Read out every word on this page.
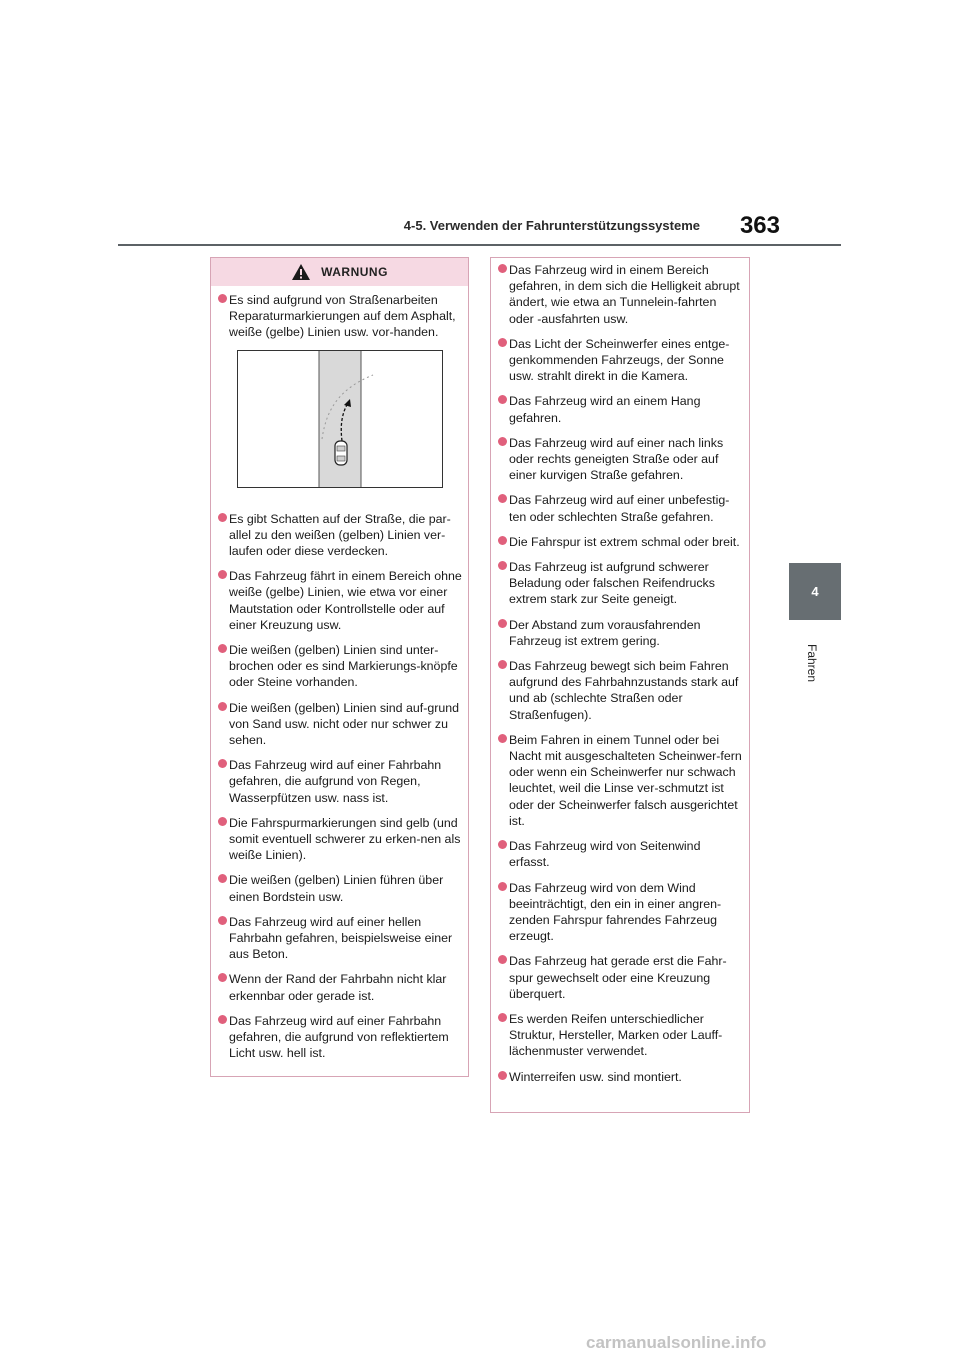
4-5. Verwenden der Fahrunterstützungssysteme	363
4
Fahren
WARNUNG
Es sind aufgrund von Straßenarbeiten Reparaturmarkierungen auf dem Asphalt, weiße (gelbe) Linien usw. vor-handen.
Es gibt Schatten auf der Straße, die par-allel zu den weißen (gelben) Linien ver-laufen oder diese verdecken.
Das Fahrzeug fährt in einem Bereich ohne weiße (gelbe) Linien, wie etwa vor einer Mautstation oder Kontrollstelle oder auf einer Kreuzung usw.
Die weißen (gelben) Linien sind unter-brochen oder es sind Markierungs-knöpfe oder Steine vorhanden.
Die weißen (gelben) Linien sind auf-grund von Sand usw. nicht oder nur schwer zu sehen.
Das Fahrzeug wird auf einer Fahrbahn gefahren, die aufgrund von Regen, Wasserpfützen usw. nass ist.
Die Fahrspurmarkierungen sind gelb (und somit eventuell schwerer zu erken-nen als weiße Linien).
Die weißen (gelben) Linien führen über einen Bordstein usw.
Das Fahrzeug wird auf einer hellen Fahrbahn gefahren, beispielsweise einer aus Beton.
Wenn der Rand der Fahrbahn nicht klar erkennbar oder gerade ist.
Das Fahrzeug wird auf einer Fahrbahn gefahren, die aufgrund von reflektiertem Licht usw. hell ist.
Das Fahrzeug wird in einem Bereich gefahren, in dem sich die Helligkeit abrupt ändert, wie etwa an Tunnelein-fahrten oder -ausfahrten usw.
Das Licht der Scheinwerfer eines entge-genkommenden Fahrzeugs, der Sonne usw. strahlt direkt in die Kamera.
Das Fahrzeug wird an einem Hang gefahren.
Das Fahrzeug wird auf einer nach links oder rechts geneigten Straße oder auf einer kurvigen Straße gefahren.
Das Fahrzeug wird auf einer unbefestig-ten oder schlechten Straße gefahren.
Die Fahrspur ist extrem schmal oder breit.
Das Fahrzeug ist aufgrund schwerer Beladung oder falschen Reifendrucks extrem stark zur Seite geneigt.
Der Abstand zum vorausfahrenden Fahrzeug ist extrem gering.
Das Fahrzeug bewegt sich beim Fahren aufgrund des Fahrbahnzustands stark auf und ab (schlechte Straßen oder Straßenfugen).
Beim Fahren in einem Tunnel oder bei Nacht mit ausgeschalteten Scheinwer-fern oder wenn ein Scheinwerfer nur schwach leuchtet, weil die Linse ver-schmutzt ist oder der Scheinwerfer falsch ausgerichtet ist.
Das Fahrzeug wird von Seitenwind erfasst.
Das Fahrzeug wird von dem Wind beeinträchtigt, den ein in einer angren-zenden Fahrspur fahrendes Fahrzeug erzeugt.
Das Fahrzeug hat gerade erst die Fahr-spur gewechselt oder eine Kreuzung überquert.
Es werden Reifen unterschiedlicher Struktur, Hersteller, Marken oder Lauff-lächenmuster verwendet.
Winterreifen usw. sind montiert.
carmanualsonline.info
